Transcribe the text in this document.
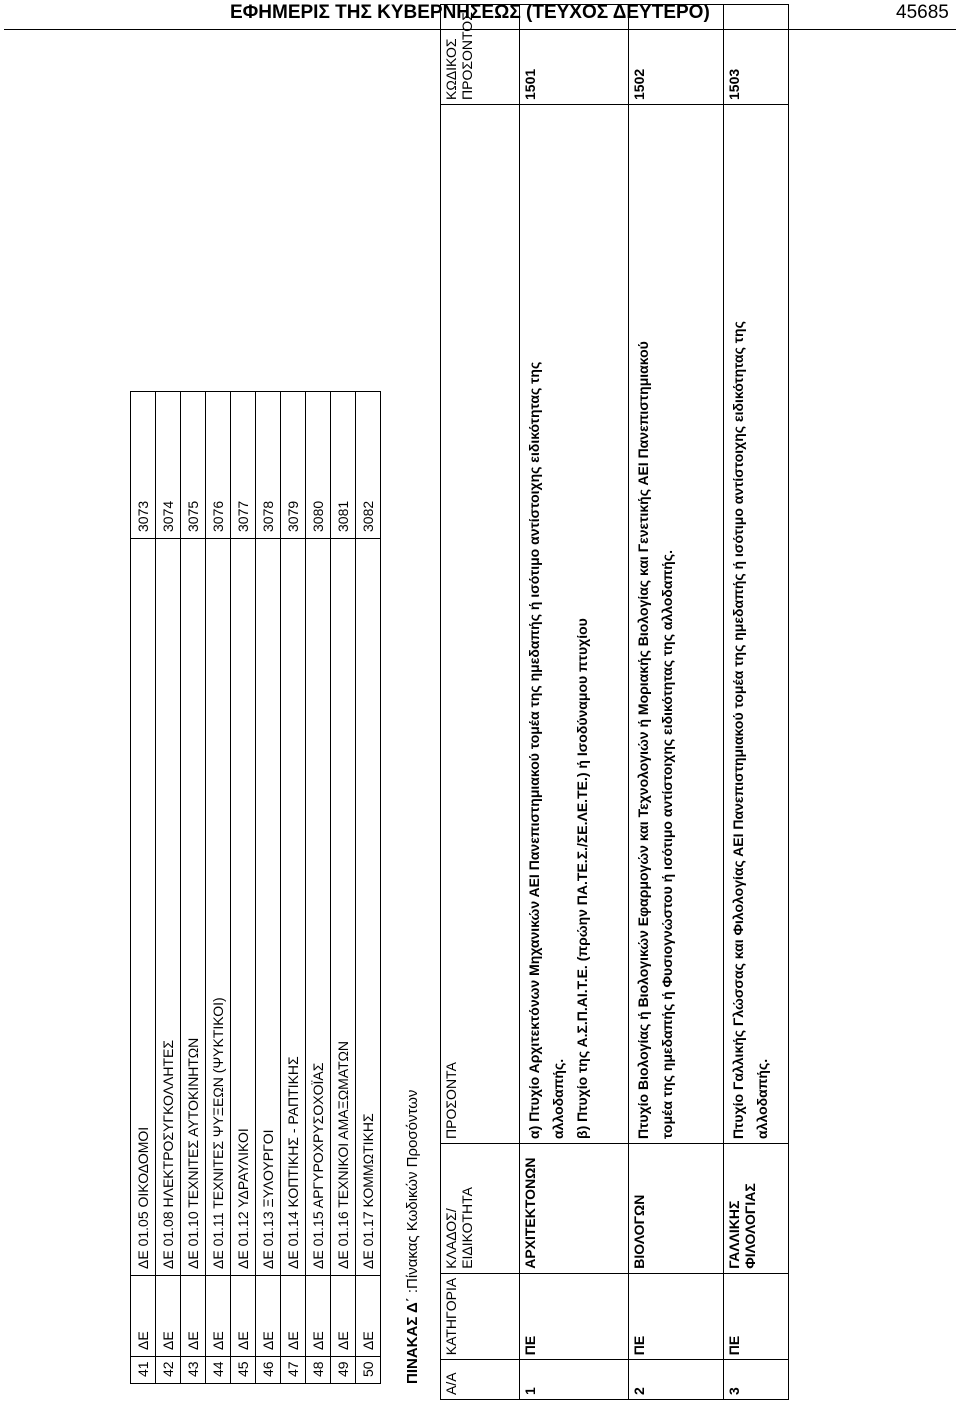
ΕΦΗΜΕΡΙΣ ΤΗΣ ΚΥΒΕΡΝΗΣΕΩΣ (ΤΕΥΧΟΣ ΔΕΥΤΕΡΟ)	45685
41	ΔΕ	ΔΕ 01.05 ΟΙΚΟΔΟΜΟΙ	3073
42	ΔΕ	ΔΕ 01.08 ΗΛΕΚΤΡΟΣΥΓΚΟΛΛΗΤΕΣ	3074
43	ΔΕ	ΔΕ 01.10 ΤΕΧΝΙΤΕΣ ΑΥΤΟΚΙΝΗΤΩΝ	3075
44	ΔΕ	ΔΕ 01.11 ΤΕΧΝΙΤΕΣ ΨΥΞΕΩΝ (ΨΥΚΤΙΚΟΙ)	3076
45	ΔΕ	ΔΕ 01.12 ΥΔΡΑΥΛΙΚΟΙ	3077
46	ΔΕ	ΔΕ 01.13 ΞΥΛΟΥΡΓΟΙ	3078
47	ΔΕ	ΔΕ 01.14 ΚΟΠΤΙΚΗΣ - ΡΑΠΤΙΚΗΣ	3079
48	ΔΕ	ΔΕ 01.15 ΑΡΓΥΡΟΧΡΥΣΟΧΟΪΑΣ	3080
49	ΔΕ	ΔΕ 01.16 ΤΕΧΝΙΚΟΙ ΑΜΑΞΩΜΑΤΩΝ	3081
50	ΔΕ	ΔΕ 01.17 ΚΟΜΜΩΤΙΚΗΣ	3082
ΠΙΝΑΚΑΣ Δ΄ :Πίνακας Κωδικών Προσόντων
Α/Α	ΚΑΤΗΓΟΡΙΑ	ΚΛΑΔΟΣ/ΕΙΔΙΚΟΤΗΤΑ	ΠΡΟΣΟΝΤΑ	ΚΩΔΙΚΟΣ ΠΡΟΣΟΝΤΟΣ
1	ΠΕ	ΑΡΧΙΤΕΚΤΟΝΩΝ	α) Πτυχίο Αρχιτεκτόνων Μηχανικών ΑΕΙ Πανεπιστημιακού τομέα της ημεδαπής ή ισότιμο αντίστοιχης ειδικότητας της αλλοδαπής. β) Πτυχίο της Α.Σ.Π.ΑΙ.Τ.Ε. (πρώην ΠΑ.ΤΕ.Σ./ΣΕ.ΛΕ.ΤΕ.) ή Ισοδύναμου πτυχίου	1501
2	ΠΕ	ΒΙΟΛΟΓΩΝ	Πτυχίο Βιολογίας ή Βιολογικών Εφαρμογών και Τεχνολογιών ή Μοριακής Βιολογίας και Γενετικής ΑΕΙ Πανεπιστημιακού τομέα της ημεδαπής ή Φυσιογνώστου ή ισότιμο αντίστοιχης ειδικότητας της αλλοδαπής.	1502
3	ΠΕ	ΓΑΛΛΙΚΗΣ ΦΙΛΟΛΟΓΙΑΣ	Πτυχίο Γαλλικής Γλώσσας και Φιλολογίας ΑΕΙ Πανεπιστημιακού τομέα της ημεδαπής ή ισότιμο αντίστοιχης ειδικότητας της αλλοδαπής.	1503
